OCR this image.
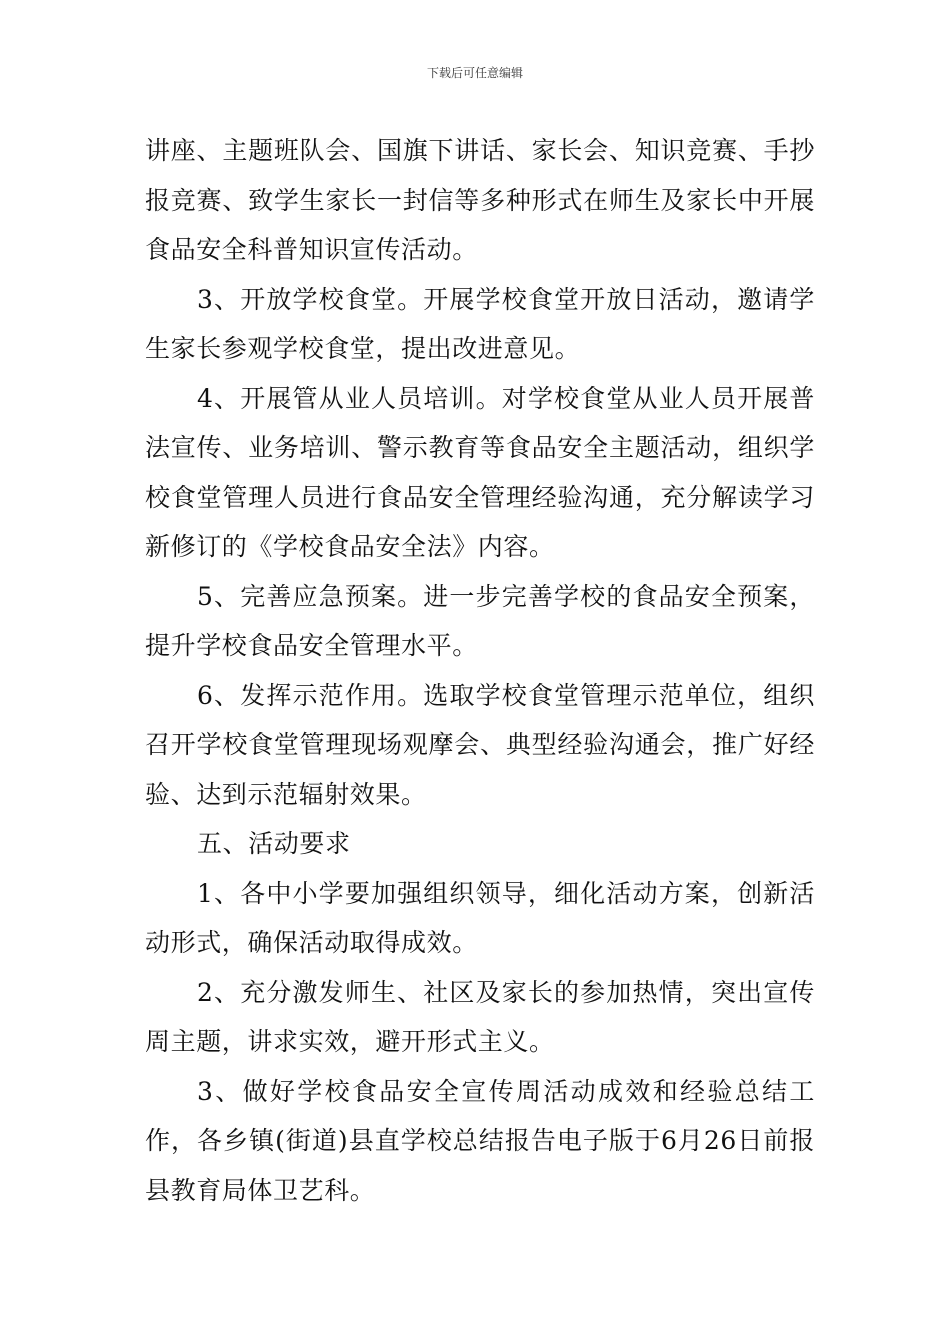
下载后可任意编辑

讲座、主题班队会、国旗下讲话、家长会、知识竞赛、手抄报竞赛、致学生家长一封信等多种形式在师生及家长中开展食品安全科普知识宣传活动。

3、开放学校食堂。开展学校食堂开放日活动，邀请学生家长参观学校食堂，提出改进意见。

4、开展管从业人员培训。对学校食堂从业人员开展普法宣传、业务培训、警示教育等食品安全主题活动，组织学校食堂管理人员进行食品安全管理经验沟通，充分解读学习新修订的《学校食品安全法》内容。

5、完善应急预案。进一步完善学校的食品安全预案，提升学校食品安全管理水平。

6、发挥示范作用。选取学校食堂管理示范单位，组织召开学校食堂管理现场观摩会、典型经验沟通会，推广好经验、达到示范辐射效果。

五、活动要求

1、各中小学要加强组织领导，细化活动方案，创新活动形式，确保活动取得成效。

2、充分激发师生、社区及家长的参加热情，突出宣传周主题，讲求实效，避开形式主义。

3、做好学校食品安全宣传周活动成效和经验总结工作，各乡镇(街道)县直学校总结报告电子版于6月26日前报县教育局体卫艺科。
